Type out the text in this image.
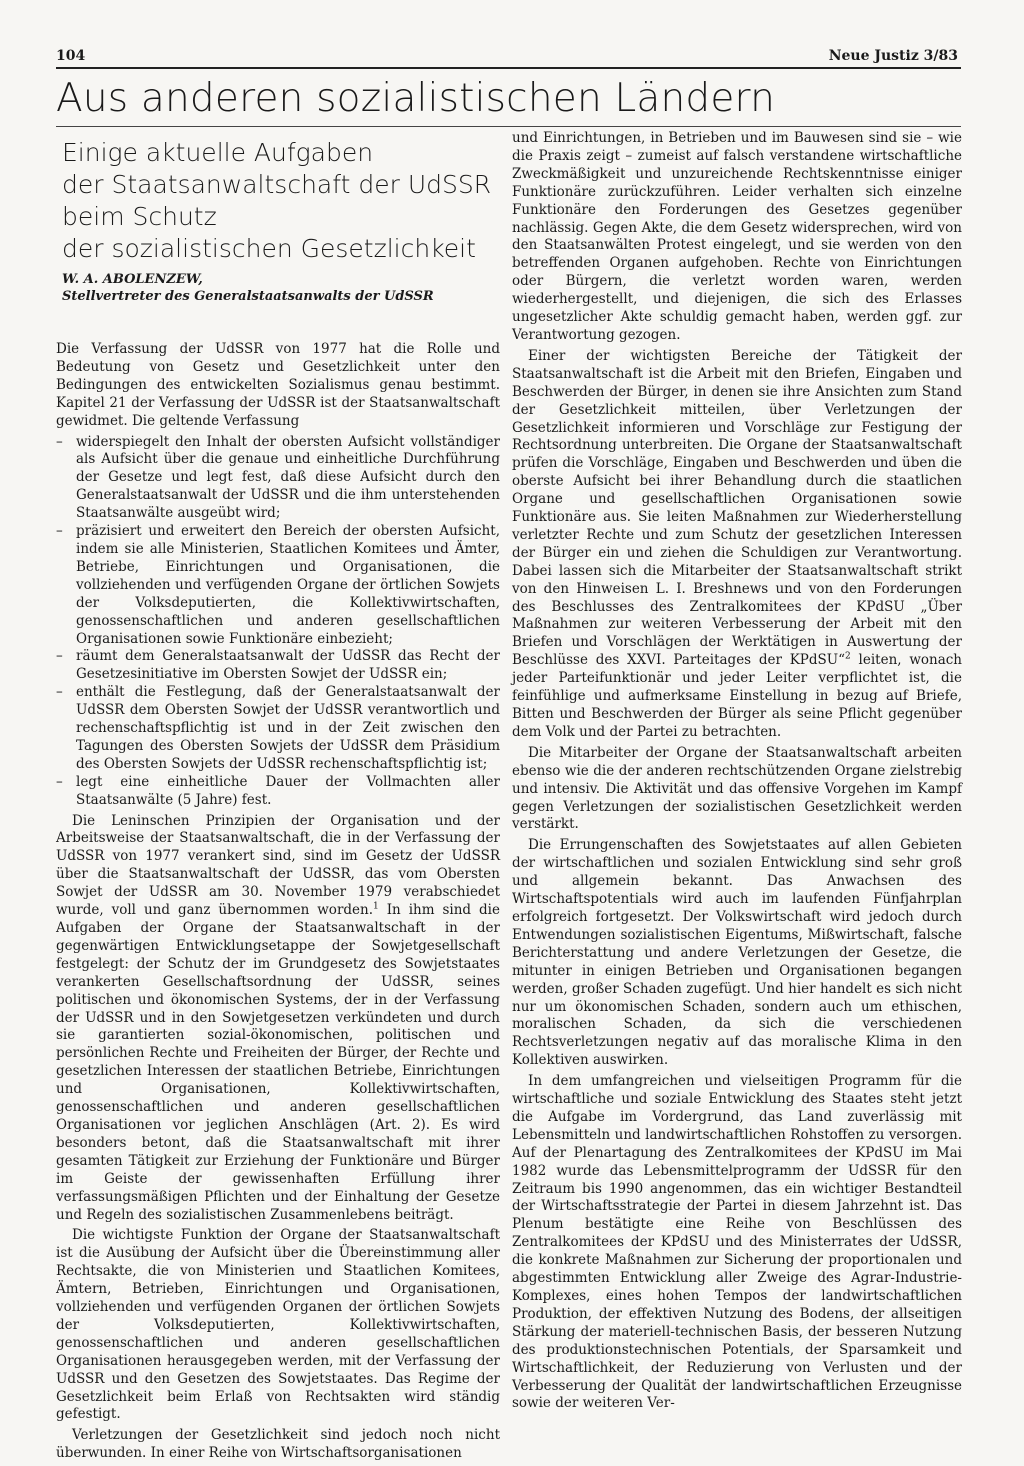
104	Neue Justiz 3/83
Aus anderen sozialistischen Ländern
Einige aktuelle Aufgaben
der Staatsanwaltschaft der UdSSR
beim Schutz
der sozialistischen Gesetzlichkeit
W. A. ABOLENZEW,
Stellvertreter des Generalstaatsanwalts der UdSSR

Die Verfassung der UdSSR von 1977 hat die Rolle und Bedeutung von Gesetz und Gesetzlichkeit unter den Bedingungen des entwickelten Sozialismus genau bestimmt. Kapitel 21 der Verfassung der UdSSR ist der Staatsanwaltschaft gewidmet. Die geltende Verfassung

– widerspiegelt den Inhalt der obersten Aufsicht vollständiger als Aufsicht über die genaue und einheitliche Durchführung der Gesetze und legt fest, daß diese Aufsicht durch den Generalstaatsanwalt der UdSSR und die ihm unterstehenden Staatsanwälte ausgeübt wird;
– präzisiert und erweitert den Bereich der obersten Aufsicht, indem sie alle Ministerien, Staatlichen Komitees und Ämter, Betriebe, Einrichtungen und Organisationen, die vollziehenden und verfügenden Organe der örtlichen Sowjets der Volksdeputierten, die Kollektivwirtschaften, genossenschaftlichen und anderen gesellschaftlichen Organisationen sowie Funktionäre einbezieht;
– räumt dem Generalstaatsanwalt der UdSSR das Recht der Gesetzesinitiative im Obersten Sowjet der UdSSR ein;
– enthält die Festlegung, daß der Generalstaatsanwalt der UdSSR dem Obersten Sowjet der UdSSR verantwortlich und rechenschaftspflichtig ist und in der Zeit zwischen den Tagungen des Obersten Sowjets der UdSSR dem Präsidium des Obersten Sowjets der UdSSR rechenschaftspflichtig ist;
– legt eine einheitliche Dauer der Vollmachten aller Staatsanwälte (5 Jahre) fest.

Die Leninschen Prinzipien der Organisation und der Arbeitsweise der Staatsanwaltschaft, die in der Verfassung der UdSSR von 1977 verankert sind, sind im Gesetz der UdSSR über die Staatsanwaltschaft der UdSSR, das vom Obersten Sowjet der UdSSR am 30. November 1979 verabschiedet wurde, voll und ganz übernommen worden.$^1$ In ihm sind die Aufgaben der Organe der Staatsanwaltschaft in der gegenwärtigen Entwicklungsetappe der Sowjetgesellschaft festgelegt: der Schutz der im Grundgesetz des Sowjetstaates verankerten Gesellschaftsordnung der UdSSR, seines politischen und ökonomischen Systems, der in der Verfassung der UdSSR und in den Sowjetgesetzen verkündeten und durch sie garantierten sozial-ökonomischen, politischen und persönlichen Rechte und Freiheiten der Bürger, der Rechte und gesetzlichen Interessen der staatlichen Betriebe, Einrichtungen und Organisationen, Kollektivwirtschaften, genossenschaftlichen und anderen gesellschaftlichen Organisationen vor jeglichen Anschlägen (Art. 2). Es wird besonders betont, daß die Staatsanwaltschaft mit ihrer gesamten Tätigkeit zur Erziehung der Funktionäre und Bürger im Geiste der gewissenhaften Erfüllung ihrer verfassungsmäßigen Pflichten und der Einhaltung der Gesetze und Regeln des sozialistischen Zusammenlebens beiträgt.

Die wichtigste Funktion der Organe der Staatsanwaltschaft ist die Ausübung der Aufsicht über die Übereinstimmung aller Rechtsakte, die von Ministerien und Staatlichen Komitees, Ämtern, Betrieben, Einrichtungen und Organisationen, vollziehenden und verfügenden Organen der örtlichen Sowjets der Volksdeputierten, Kollektivwirtschaften, genossenschaftlichen und anderen gesellschaftlichen Organisationen herausgegeben werden, mit der Verfassung der UdSSR und den Gesetzen des Sowjetstaates. Das Regime der Gesetzlichkeit beim Erlaß von Rechtsakten wird ständig gefestigt.

Verletzungen der Gesetzlichkeit sind jedoch noch nicht überwunden. In einer Reihe von Wirtschaftsorganisationen

und Einrichtungen, in Betrieben und im Bauwesen sind sie – wie die Praxis zeigt – zumeist auf falsch verstandene wirtschaftliche Zweckmäßigkeit und unzureichende Rechtskenntnisse einiger Funktionäre zurückzuführen. Leider verhalten sich einzelne Funktionäre den Forderungen des Gesetzes gegenüber nachlässig. Gegen Akte, die dem Gesetz widersprechen, wird von den Staatsanwälten Protest eingelegt, und sie werden von den betreffenden Organen aufgehoben. Rechte von Einrichtungen oder Bürgern, die verletzt worden waren, werden wiederhergestellt, und diejenigen, die sich des Erlasses ungesetzlicher Akte schuldig gemacht haben, werden ggf. zur Verantwortung gezogen.

Einer der wichtigsten Bereiche der Tätigkeit der Staatsanwaltschaft ist die Arbeit mit den Briefen, Eingaben und Beschwerden der Bürger, in denen sie ihre Ansichten zum Stand der Gesetzlichkeit mitteilen, über Verletzungen der Gesetzlichkeit informieren und Vorschläge zur Festigung der Rechtsordnung unterbreiten. Die Organe der Staatsanwaltschaft prüfen die Vorschläge, Eingaben und Beschwerden und üben die oberste Aufsicht bei ihrer Behandlung durch die staatlichen Organe und gesellschaftlichen Organisationen sowie Funktionäre aus. Sie leiten Maßnahmen zur Wiederherstellung verletzter Rechte und zum Schutz der gesetzlichen Interessen der Bürger ein und ziehen die Schuldigen zur Verantwortung. Dabei lassen sich die Mitarbeiter der Staatsanwaltschaft strikt von den Hinweisen L. I. Breshnews und von den Forderungen des Beschlusses des Zentralkomitees der KPdSU „Über Maßnahmen zur weiteren Verbesserung der Arbeit mit den Briefen und Vorschlägen der Werktätigen in Auswertung der Beschlüsse des XXVI. Parteitages der KPdSU“$^2$ leiten, wonach jeder Parteifunktionär und jeder Leiter verpflichtet ist, die feinfühlige und aufmerksame Einstellung in bezug auf Briefe, Bitten und Beschwerden der Bürger als seine Pflicht gegenüber dem Volk und der Partei zu betrachten.

Die Mitarbeiter der Organe der Staatsanwaltschaft arbeiten ebenso wie die der anderen rechtschützenden Organe zielstrebig und intensiv. Die Aktivität und das offensive Vorgehen im Kampf gegen Verletzungen der sozialistischen Gesetzlichkeit werden verstärkt.

Die Errungenschaften des Sowjetstaates auf allen Gebieten der wirtschaftlichen und sozialen Entwicklung sind sehr groß und allgemein bekannt. Das Anwachsen des Wirtschaftspotentials wird auch im laufenden Fünfjahrplan erfolgreich fortgesetzt. Der Volkswirtschaft wird jedoch durch Entwendungen sozialistischen Eigentums, Mißwirtschaft, falsche Berichterstattung und andere Verletzungen der Gesetze, die mitunter in einigen Betrieben und Organisationen begangen werden, großer Schaden zugefügt. Und hier handelt es sich nicht nur um ökonomischen Schaden, sondern auch um ethischen, moralischen Schaden, da sich die verschiedenen Rechtsverletzungen negativ auf das moralische Klima in den Kollektiven auswirken.

In dem umfangreichen und vielseitigen Programm für die wirtschaftliche und soziale Entwicklung des Staates steht jetzt die Aufgabe im Vordergrund, das Land zuverlässig mit Lebensmitteln und landwirtschaftlichen Rohstoffen zu versorgen. Auf der Plenartagung des Zentralkomitees der KPdSU im Mai 1982 wurde das Lebensmittelprogramm der UdSSR für den Zeitraum bis 1990 angenommen, das ein wichtiger Bestandteil der Wirtschaftsstrategie der Partei in diesem Jahrzehnt ist. Das Plenum bestätigte eine Reihe von Beschlüssen des Zentralkomitees der KPdSU und des Ministerrates der UdSSR, die konkrete Maßnahmen zur Sicherung der proportionalen und abgestimmten Entwicklung aller Zweige des Agrar-Industrie-Komplexes, eines hohen Tempos der landwirtschaftlichen Produktion, der effektiven Nutzung des Bodens, der allseitigen Stärkung der materiell-technischen Basis, der besseren Nutzung des produktionstechnischen Potentials, der Sparsamkeit und Wirtschaftlichkeit, der Reduzierung von Verlusten und der Verbesserung der Qualität der landwirtschaftlichen Erzeugnisse sowie der weiteren Ver-
